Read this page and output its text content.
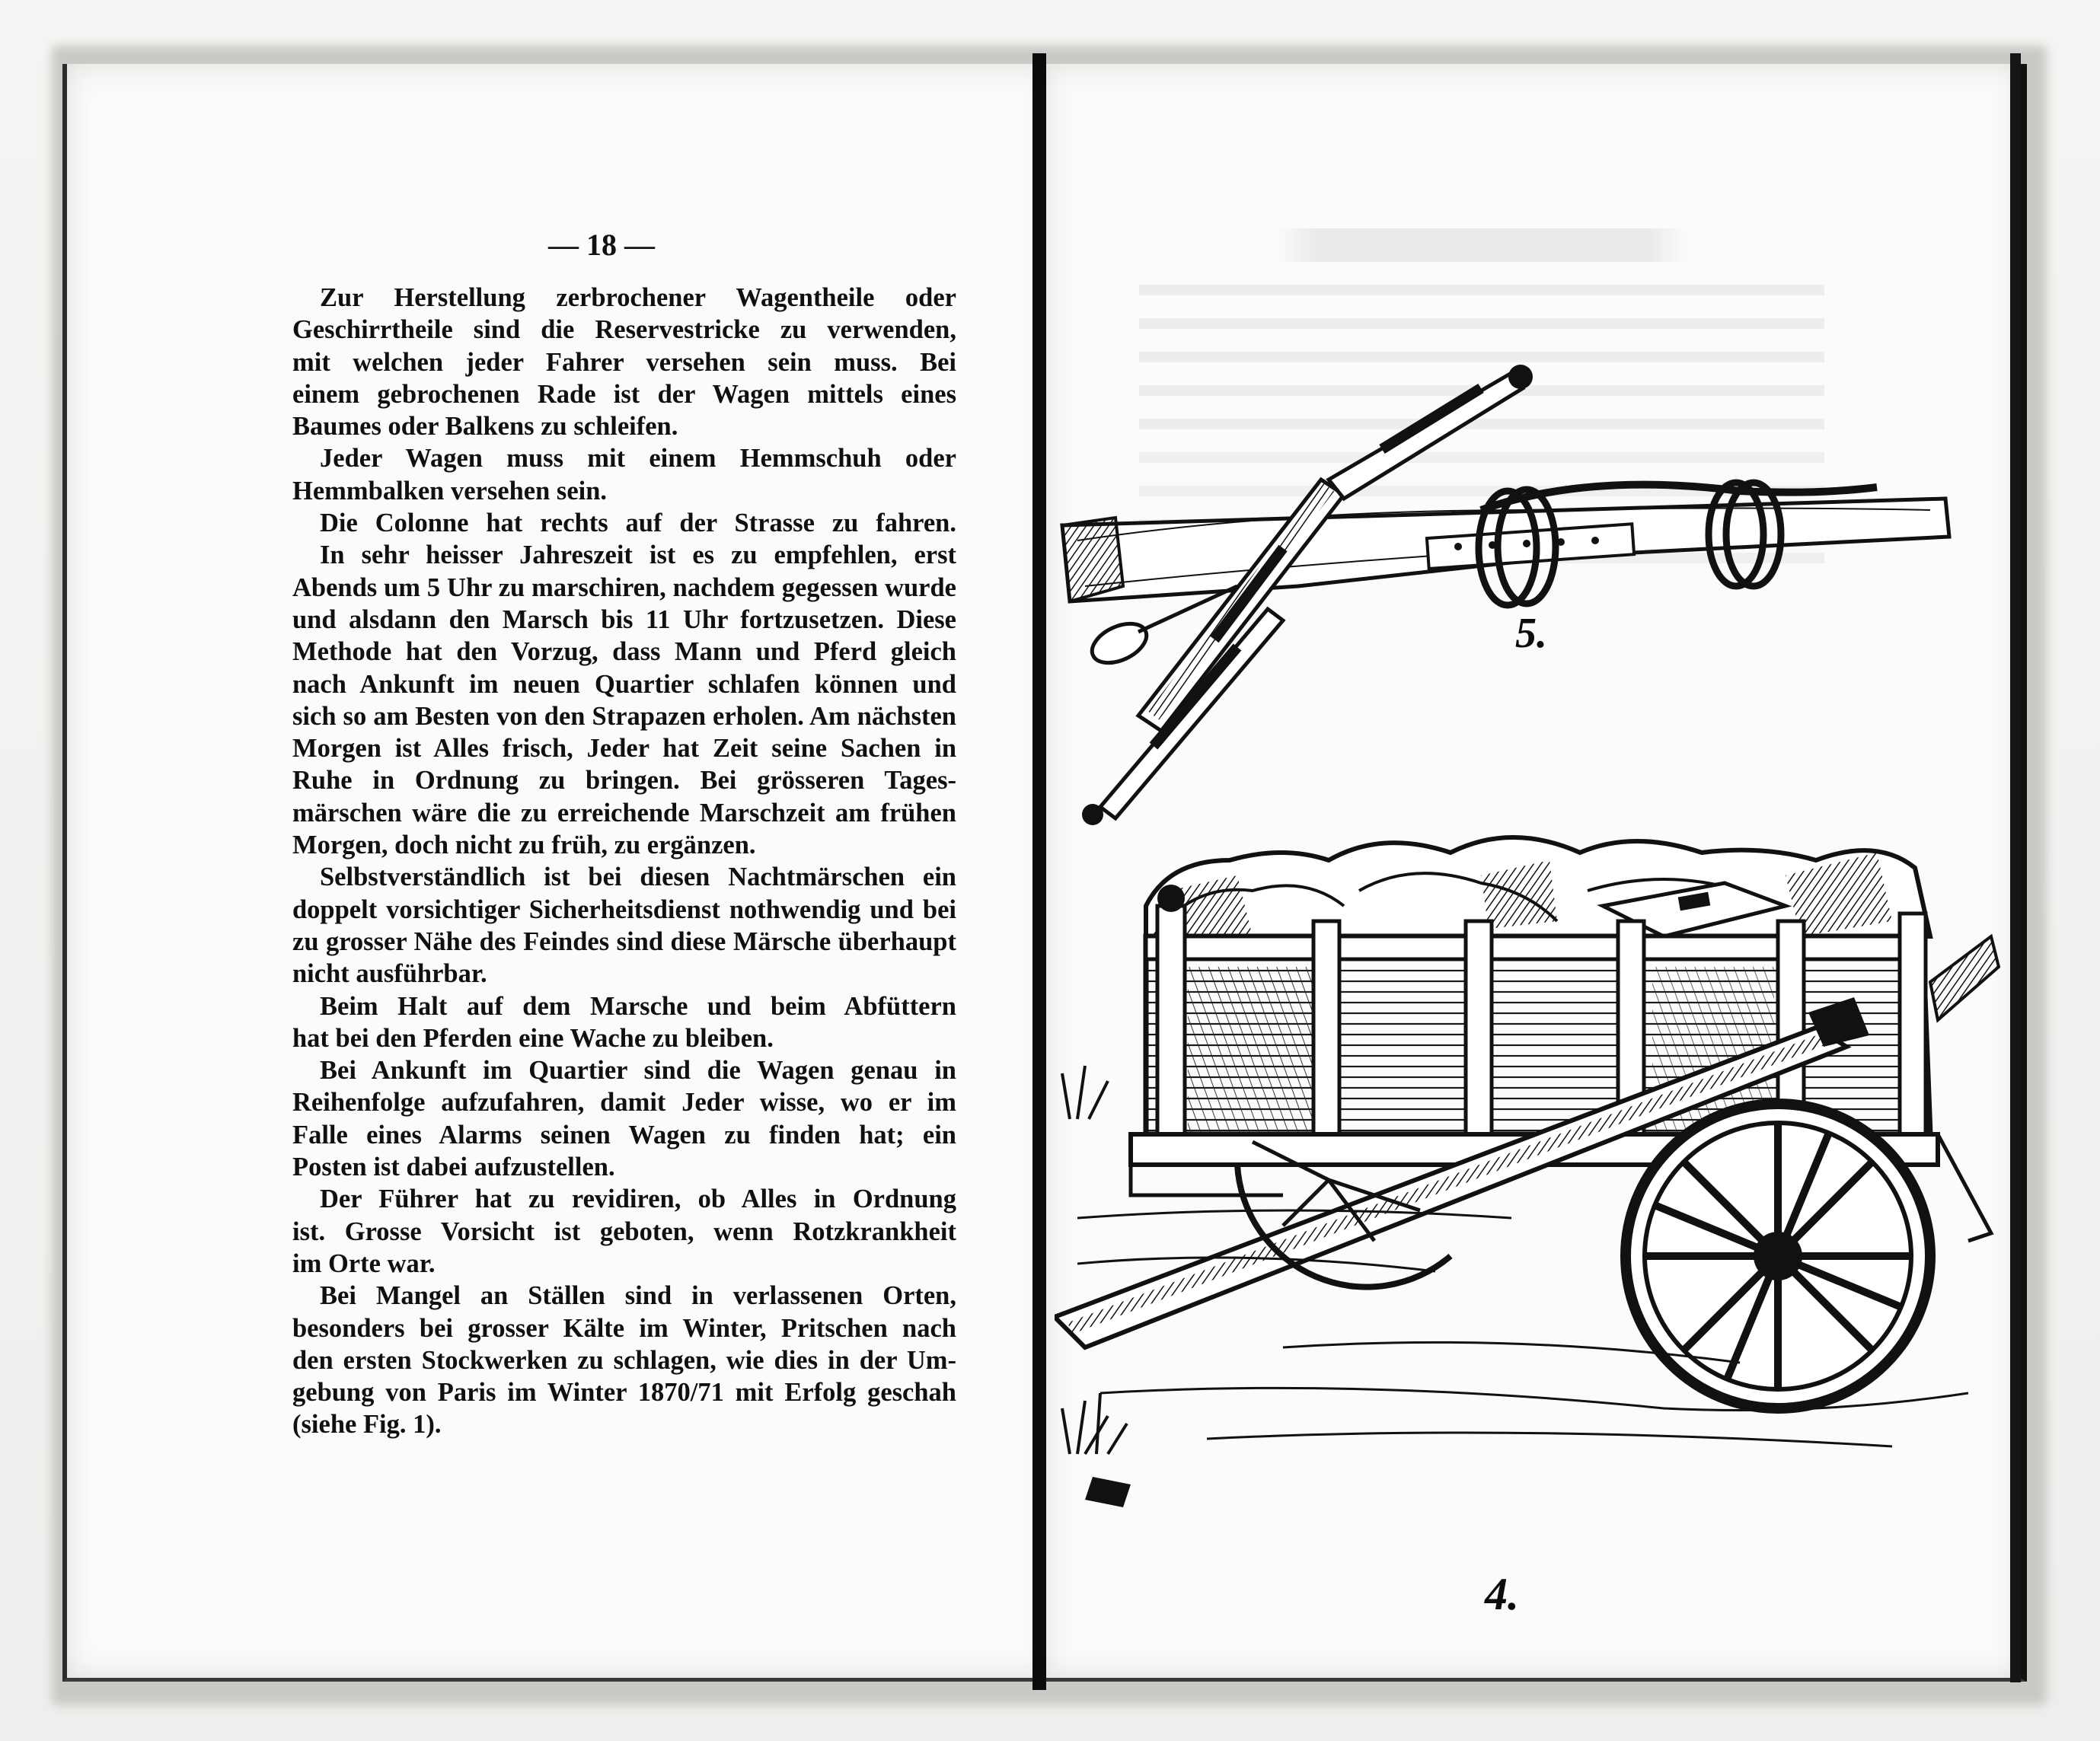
— 18 —
Zur Herstellung zerbrochener Wagentheile oder
Geschirrtheile sind die Reservestricke zu verwenden,
mit welchen jeder Fahrer versehen sein muss. Bei
einem gebrochenen Rade ist der Wagen mittels eines
Baumes oder Balkens zu schleifen.
Jeder Wagen muss mit einem Hemmschuh oder
Hemmbalken versehen sein.
Die Colonne hat rechts auf der Strasse zu fahren.
In sehr heisser Jahreszeit ist es zu empfehlen, erst
Abends um 5 Uhr zu marschiren, nachdem gegessen wurde
und alsdann den Marsch bis 11 Uhr fortzusetzen. Diese
Methode hat den Vorzug, dass Mann und Pferd gleich
nach Ankunft im neuen Quartier schlafen können und
sich so am Besten von den Strapazen erholen. Am nächsten
Morgen ist Alles frisch, Jeder hat Zeit seine Sachen in
Ruhe in Ordnung zu bringen. Bei grösseren Tages-
märschen wäre die zu erreichende Marschzeit am frühen
Morgen, doch nicht zu früh, zu ergänzen.
Selbstverständlich ist bei diesen Nachtmärschen ein
doppelt vorsichtiger Sicherheitsdienst nothwendig und bei
zu grosser Nähe des Feindes sind diese Märsche überhaupt
nicht ausführbar.
Beim Halt auf dem Marsche und beim Abfüttern
hat bei den Pferden eine Wache zu bleiben.
Bei Ankunft im Quartier sind die Wagen genau in
Reihenfolge aufzufahren, damit Jeder wisse, wo er im
Falle eines Alarms seinen Wagen zu finden hat; ein
Posten ist dabei aufzustellen.
Der Führer hat zu revidiren, ob Alles in Ordnung
ist. Grosse Vorsicht ist geboten, wenn Rotzkrankheit
im Orte war.
Bei Mangel an Ställen sind in verlassenen Orten,
besonders bei grosser Kälte im Winter, Pritschen nach
den ersten Stockwerken zu schlagen, wie dies in der Um-
gebung von Paris im Winter 1870/71 mit Erfolg geschah
(siehe Fig. 1).
5.
4.
